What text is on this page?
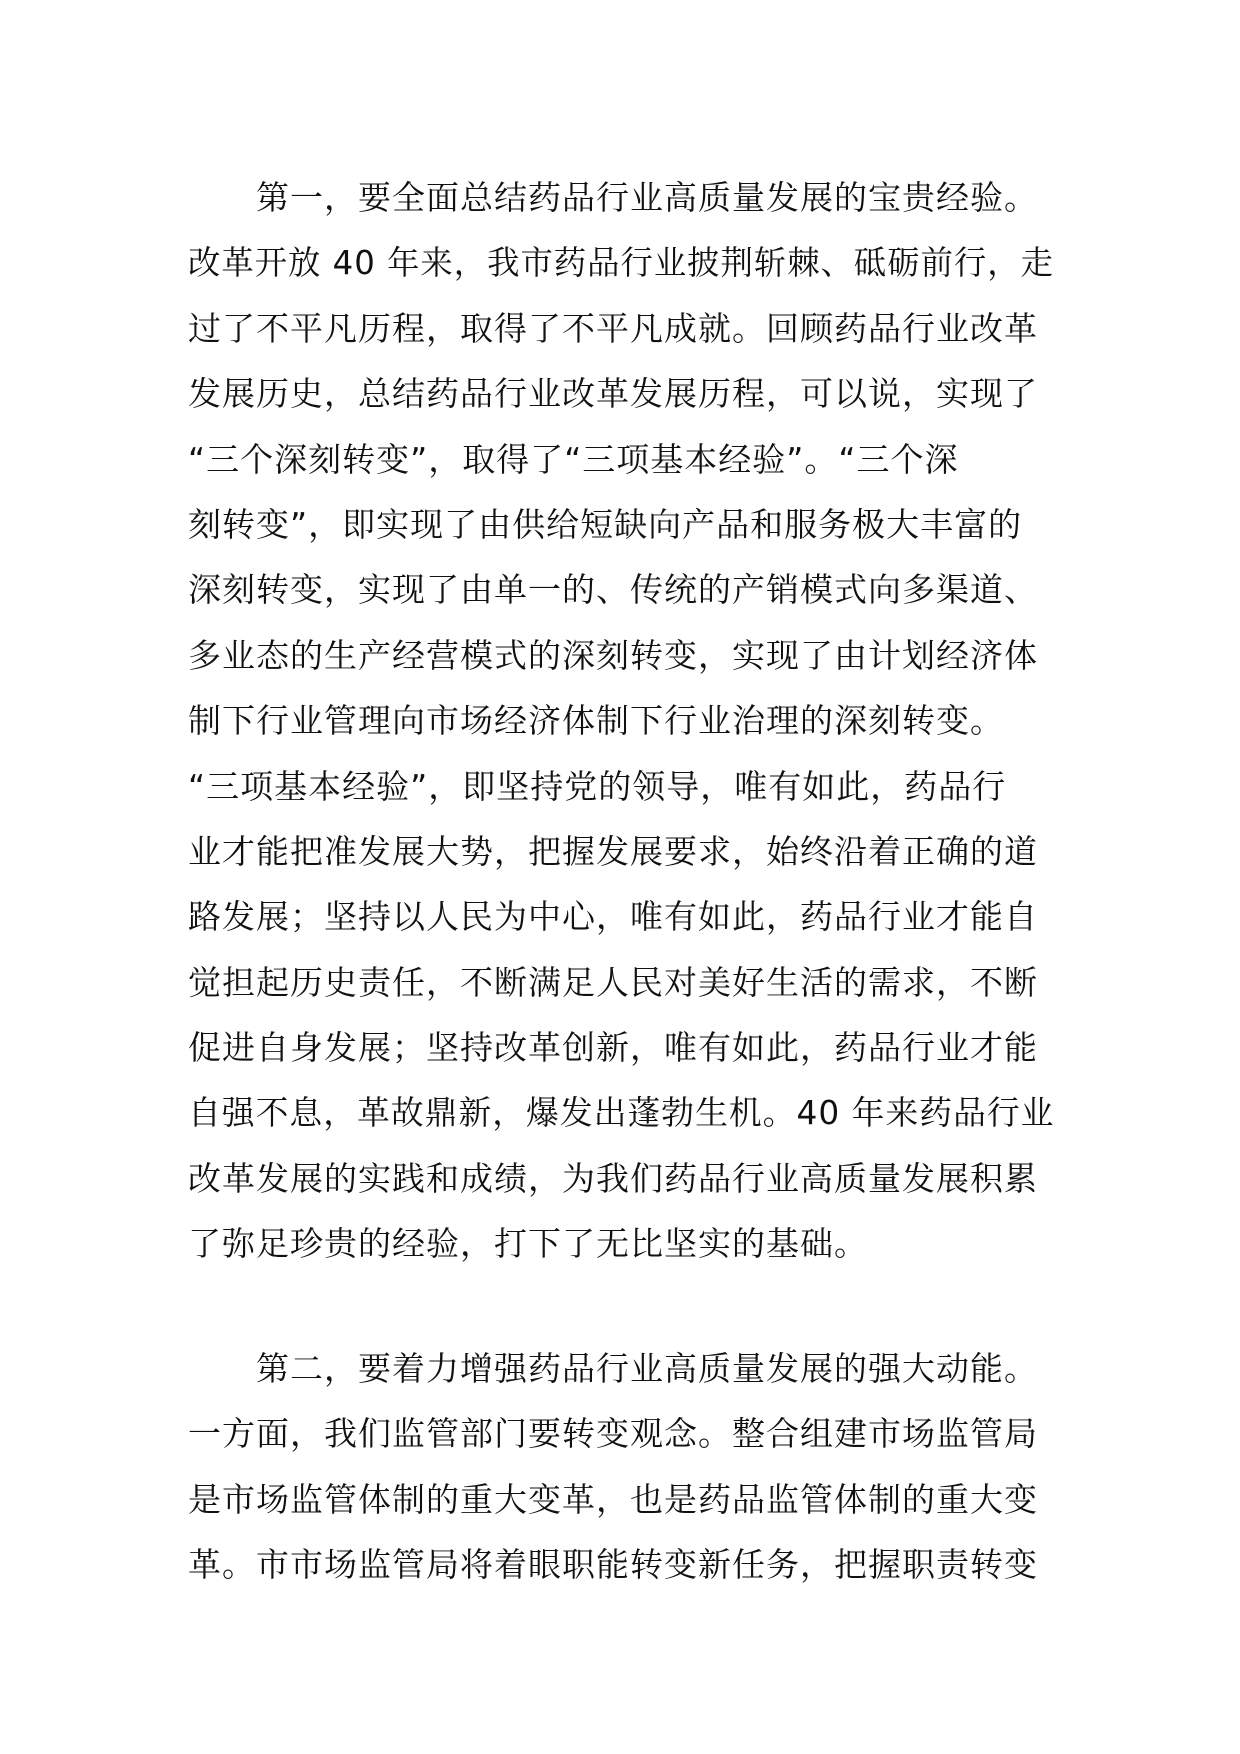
　　第一，要全面总结药品行业高质量发展的宝贵经验。
改革开放 40 年来，我市药品行业披荆斩棘、砥砺前行，走
过了不平凡历程，取得了不平凡成就。回顾药品行业改革
发展历史，总结药品行业改革发展历程，可以说，实现了
“三个深刻转变”，取得了“三项基本经验”。“三个深
刻转变”，即实现了由供给短缺向产品和服务极大丰富的
深刻转变，实现了由单一的、传统的产销模式向多渠道、
多业态的生产经营模式的深刻转变，实现了由计划经济体
制下行业管理向市场经济体制下行业治理的深刻转变。
“三项基本经验”，即坚持党的领导，唯有如此，药品行
业才能把准发展大势，把握发展要求，始终沿着正确的道
路发展；坚持以人民为中心，唯有如此，药品行业才能自
觉担起历史责任，不断满足人民对美好生活的需求，不断
促进自身发展；坚持改革创新，唯有如此，药品行业才能
自强不息，革故鼎新，爆发出蓬勃生机。40 年来药品行业
改革发展的实践和成绩，为我们药品行业高质量发展积累
了弥足珍贵的经验，打下了无比坚实的基础。
　　第二，要着力增强药品行业高质量发展的强大动能。
一方面，我们监管部门要转变观念。整合组建市场监管局
是市场监管体制的重大变革，也是药品监管体制的重大变
革。市市场监管局将着眼职能转变新任务，把握职责转变
